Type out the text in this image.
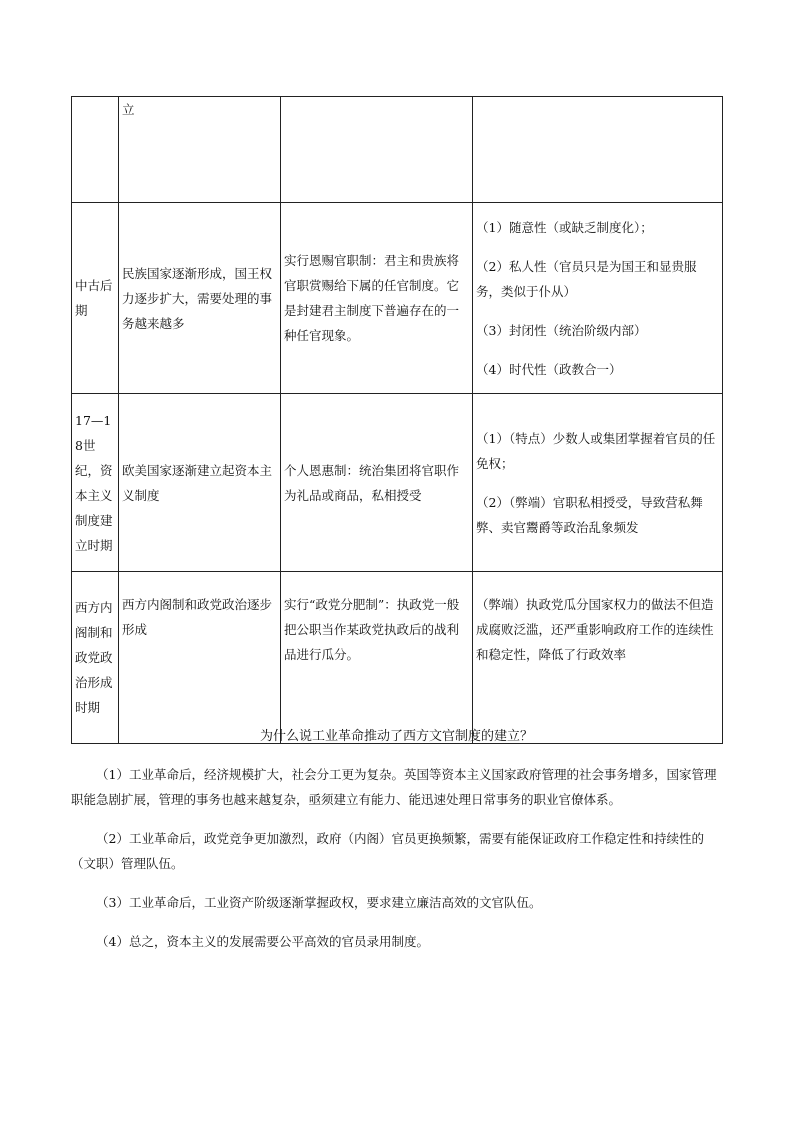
	立		
中古后期	民族国家逐渐形成，国王权力逐步扩大，需要处理的事务越来越多	实行恩赐官职制：君主和贵族将官职赏赐给下属的任官制度。它是封建君主制度下普遍存在的一种任官现象。	（1）随意性（或缺乏制度化）；

（2）私人性（官员只是为国王和显贵服务，类似于仆从）

（3）封闭性（统治阶级内部）

（4）时代性（政教合一）

17—18世纪，资本主义制度建立时期	欧美国家逐渐建立起资本主义制度	个人恩惠制：统治集团将官职作为礼品或商品，私相授受	（1）（特点）少数人或集团掌握着官员的任免权；

（2）（弊端）官职私相授受，导致营私舞弊、卖官鬻爵等政治乱象频发

西方内阁制和政党政治形成时期	西方内阁制和政党政治逐步形成	实行“政党分肥制”：执政党一般把公职当作某政党执政后的战利品进行瓜分。	（弊端）执政党瓜分国家权力的做法不但造成腐败泛滥，还严重影响政府工作的连续性和稳定性，降低了行政效率

为什么说工业革命推动了西方文官制度的建立？

（1）工业革命后，经济规模扩大，社会分工更为复杂。英国等资本主义国家政府管理的社会事务增多，国家管理职能急剧扩展，管理的事务也越来越复杂，亟须建立有能力、能迅速处理日常事务的职业官僚体系。

（2）工业革命后，政党竞争更加激烈，政府（内阁）官员更换频繁，需要有能保证政府工作稳定性和持续性的（文职）管理队伍。

（3）工业革命后，工业资产阶级逐渐掌握政权，要求建立廉洁高效的文官队伍。

（4）总之，资本主义的发展需要公平高效的官员录用制度。
